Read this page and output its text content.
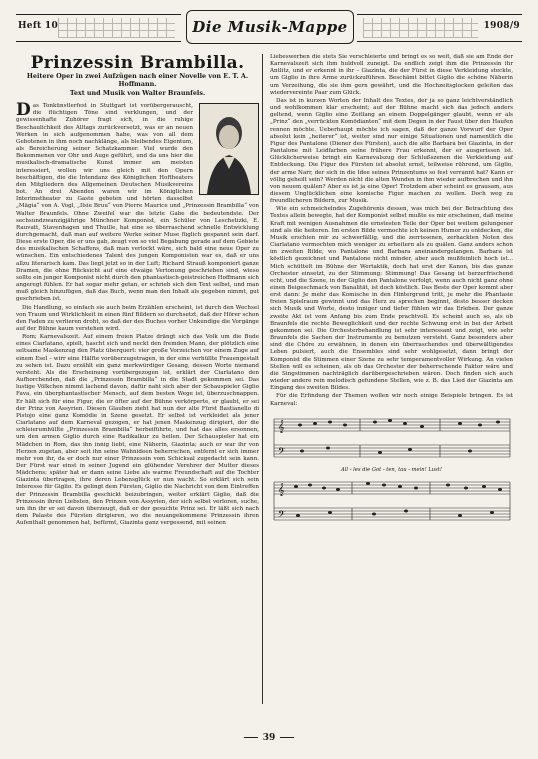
Heft 10	Die Musik-Mappe	1908/9
Prinzessin Brambilla.

Heitere Oper in zwei Aufzügen nach einer Novelle von E. T. A. Hoffmann.

Text und Musik von Walter Braunfels.

D as Tonkünstlerfest in Stuttgart ist vorübergerauscht, die flüchtigen Töne sind verklungen, und der gewissenhafte Zuhörer fragt sich, in die ruhige Beschaulichkeit des Alltags zurückversetzt, was er an neuen Werken in sich aufgenommen habe, was von all dem Gebotenen in ihm noch nachklänge, als bleibendes Eigentum, als Bereicherung seiner Schatzkammer. Viel wurde den Bekommenen vor Ohr und Auge geführt, und da uns hier die musikalisch-dramatische Kunst immer am meisten interessiert, wollen wir uns gleich mit den Opern beschäftigen, die die Intendanz des Königlichen Hoftheaters den Mitgliedern des Allgemeinen Deutschen Musikvereins bot. An drei Abenden waren wir im Königlichen Interimstheater zu Gaste gebeten und hörten dasselbst „Mägia“ von A. Vogl, „Ilsie Bruu“ von Pierre Maurice und „Prinzessin Brambilla“ von Walter Braunfels. Ohne Zweifel war die letzte Gabe die bedeutendste. Der sechsundzwanzigjährige Münchner Komponist, ein Schüler von Leschetizki, E. Rauvatt, Stavenhagen und Thuille, hat eine so überraschend schnelle Entwicklung durchgemacht, daß man auf weitere Werke seiner Muse füglich gespannt sein darf. Diese erste Oper, die er uns gab, zeugt von so viel Begabung gerade auf dem Gebiete des musikalischen Schaffens, daß man verlockt wäre, sich bald eine neue Oper zu wünschen. Ein entschiedenes Talent des jungen Komponisten war es, daß er uns allzu literarisch kam. Das liegt jetzt so in der Luft; Richard Strauß komponiert ganze Dramen, die ohne Rücksicht auf eine etwaige Vertonung geschrieben sind, wieso sollte ein junger Komponist nicht durch den phantastisch-geistreichen Hoffmann sich angeregt fühlen. Er hat sogar mehr getan, er schrieb sich den Text selbst, und man muß gleich hinzufügen, daß das Buch, wenn man den Inhalt als gegeben nimmt, gut geschrieben ist.

Die Handlung, so einfach sie auch beim Erzählen erscheint, ist durch den Wechsel von Traum und Wirklichkeit in einen fünf Bildern so durchsetzt, daß der Hörer schon den Faden zu verlieren droht, so daß der des Buches vorher Unkundige die Vorgänge auf der Bühne kaum verstehen wird.

Rom; Karnevalszeit. Auf einem freien Platze drängt sich das Volk um die Bude eines Ciarlatano, spielt, hascht sich und neckt den fremden Mann, der plötzlich eine seltsame Maskenzug den Platz überquert: vier große Vorzeichen vor einem Zuge auf einem Esel – wirr eine Hälfte vorüberzugetragen, in der eine verhüllte Frauengestalt zu sehen ist. Dazu erzählt ein ganz merkwürdiger Gesang, dessen Worte niemand versteht. Als die Erscheinung vorübergezogen ist, erklärt der Ciarlatano den Aufhorchenden, daß die „Prinzessin Brambilla“ in die Stadt gekommen sei. Das lustige Völkchen nimmt lachend davon, dafür naht sich aber der Schauspieler Giglio Fava, ein überphantastischer Mensch, auf dem besten Wege ist, überzuschnappen. Er hält sich für eine Figur, die er öfter auf der Bühne verkörperte, er glaubt, er sei der Prinz von Assyrien. Diesen Glauben zieht hat nun der alte Fürst Bastianello di Pistojo eine ganz Komödie in Szene gesetzt. Er selbst ist verkleidet als jener Ciarlatano auf dem Karneval gezogen, er hat jenen Maskenzug dirigiert, der die schleierumhüllte „Prinzessin Brambilla“ herbeiführte, und hat das alles ersonnen, um den armen Giglio durch eine Radikalkur zu heilen. Der Schauspieler hat ein Mädchen in Rom, das ihn innig liebt, eine Näherin, Giazinta; auch er war ihr von Herzen zugetan, aber seit ihn seine Wahnideen beherrschen, entfernt er sich immer mehr von ihr, da er doch nur einer Prinzessin vom Schicksal zugedacht sein kann. Der Fürst war einst in seiner Jugend ein glühender Verehrer der Mutter dieses Mädchens; später hat er dann seine Liebe als warme Freundschaft auf die Tochter Giazinta übertragen, ihre deren Lebensglück er nun wacht. So erklärt sich sein Interesse für Giglio. Es gelingt dem Fürsten, Giglio die Nachricht von dem Eintreffen der Prinzessin Brambilla geschickt beizubringen, weiter erklärt Giglio, daß die Prinzessin ihren Liebsten, den Prinzen von Assyrien, der sich selbst verloren, suche, um ihn ihr er sei davon überzeugt, daß er der gesuchte Prinz sei. Er läßt sich nach dem Palaste des Fürsten dirigieren, wo die neuangekommene Prinzessin ihren Aufenthalt genommen hat, befürmt, Giazinta ganz vergessend, mit seinen

Liebeswerben die stets Sie verschleierte und bringt es so weit, daß sie am Ende der Karnevalszeit sich ihm huldvoll zuneigt. Da endlich zeigt ihm die Prinzessin ihr Antlitz, und er erkennt in ihr – Giazinta, die der Fürst in diese Verkleidung steckte, um Giglio in ihre Arme zurückzuführen. Beschämt bittet Giglio die schöne Näherin um Verzeihung, die sie ihm gern gewährt, und die Hochzeitsglocken geleiten das wiedervereinte Paar zum Glück.

Das ist in kurzen Worten der Inhalt des Textes, der ja so ganz leichtverständlich und wohlkommen klar erscheint; auf der Bühne macht sich das jedoch anders geltend, wenn Giglio eine Zeitlang an einem Doppelgänger glaubt, wenn er als „Prinz“ den „verrückten Komödianten“ mit dem Degen in der Faust über den Haufen rennen möchte. Ueberhaupt möchte ich sagen, daß der ganze Vorwurf der Oper absolut kein „heiterer“ ist, weiter sind nur einige Situationen und namentlich die Figur des Pantalone (Diener des Fürsten), auch die alte Barbara bei Giazinta, in der Pantalone mit Leidfarben seine frühere Frau erkennt, der er ausgerissen ist. Glücklicherweise bringt ein Karnevalszug der Schlußszenen die Verkleidung auf Entdeckung. Die Figur des Fürsten ist absolut ernst, teilweise rührend, um Giglio, der arme Narr, der sich in die Idee seines Prinzentums so fest verrannt hat? Kann er völlig geheilt sein? Werden nicht die alten Wunden in ihm wieder aufbrechen und ihn von neuem quälen? Aber es ist ja eine Oper! Trotzdem aber scheint es grausam, aus diesem Unglücklichen eine komische Figur machen zu wollen. Doch weg zu freundlicheren Bildern, zur Musik.

Wie ein schmeichelndes Zugehörenis dessen, was mich bei der Betrachtung des Textes allein bewegte, hat der Komponist selbst mußte es mir erscheinen, daß meine Kraft mit wenigen Ausnahmen die ernstesten Teile der Oper bei weitem gelungener sind als die heiteren. Im ersten Bilde vermochte ich keinen Humor zu entdecken, die Musik erschien mir zu schwerfällig, und die zerrissenen, zerhackten Noten des Ciarlatano vermochten mich weniger zu erheitern als zu quälen. Ganz anders schon im zweiten Bilde, wo Pantalone und Barbara aneinandergelangen. Barbara ist köstlich gezeichnet und Pantalone nicht minder, aber auch mußfeinlich hoch ist... Mich schüttelt im Bühne der Wertaktik, doch hat erst der Kanon, bis das ganze Orchester einsetzt, zu der Stimmung: Stimmung! Das Gesang ist herzerfrischend echt, und die Szene, in der Giglio den Pantalone verfolgt, wenn auch nicht ganz ohne einen Beigeschmack von Banalität, ist doch köstlich. Das Beste der Oper kommt aber erst dann: Je mehr das Komische in den Hintergrund tritt, je mehr die Phantasie freien Spielraum gewinnt und das Herz zu sprechen beginnt, desto besser decken sich Musik und Worte, desto inniger und tiefer fühlen wir das Erleben. Der ganze zweite Akt ist vom Anfang bis zum Ende prachtvoll. Es scheint auch so, als ob Braunfels die rechte Beweglichkeit und der rechte Schwung erst in bei der Arbeit gekommen sei. Die Orchesterbehandlung ist sehr interessant und zeigt, wie sehr Braunfels die Sachen der Instrumente zu benutzen versteht. Ganz besonders aber sind die Chöre zu erwähnen, in denen ein überraschendes und überwältigendes Leben pulsiert, auch die Ensembles sind sehr wohlgesetzt, dann bringt der Komponist die Stimmen einer Szene zu sehr temperamentvoller Wirkung. An vielen Stellen will es scheinen, als ob das Orchester der beherrschende Faktor wäre und die Singstimmen nachträglich darübergeschrieben wären. Doch finden sich auch wieder andere rein melodisch gefundene Stellen, wie z. B. das Lied der Giazinta am Eingang des zweiten Bildes.

Für die Erfindung der Themen wollen wir noch einige Beispiele bringen. Es ist Karneval:

𝄞
𝄢
All - les die Got - ten, tau - mein! Lust!
𝄞
𝄢
39
